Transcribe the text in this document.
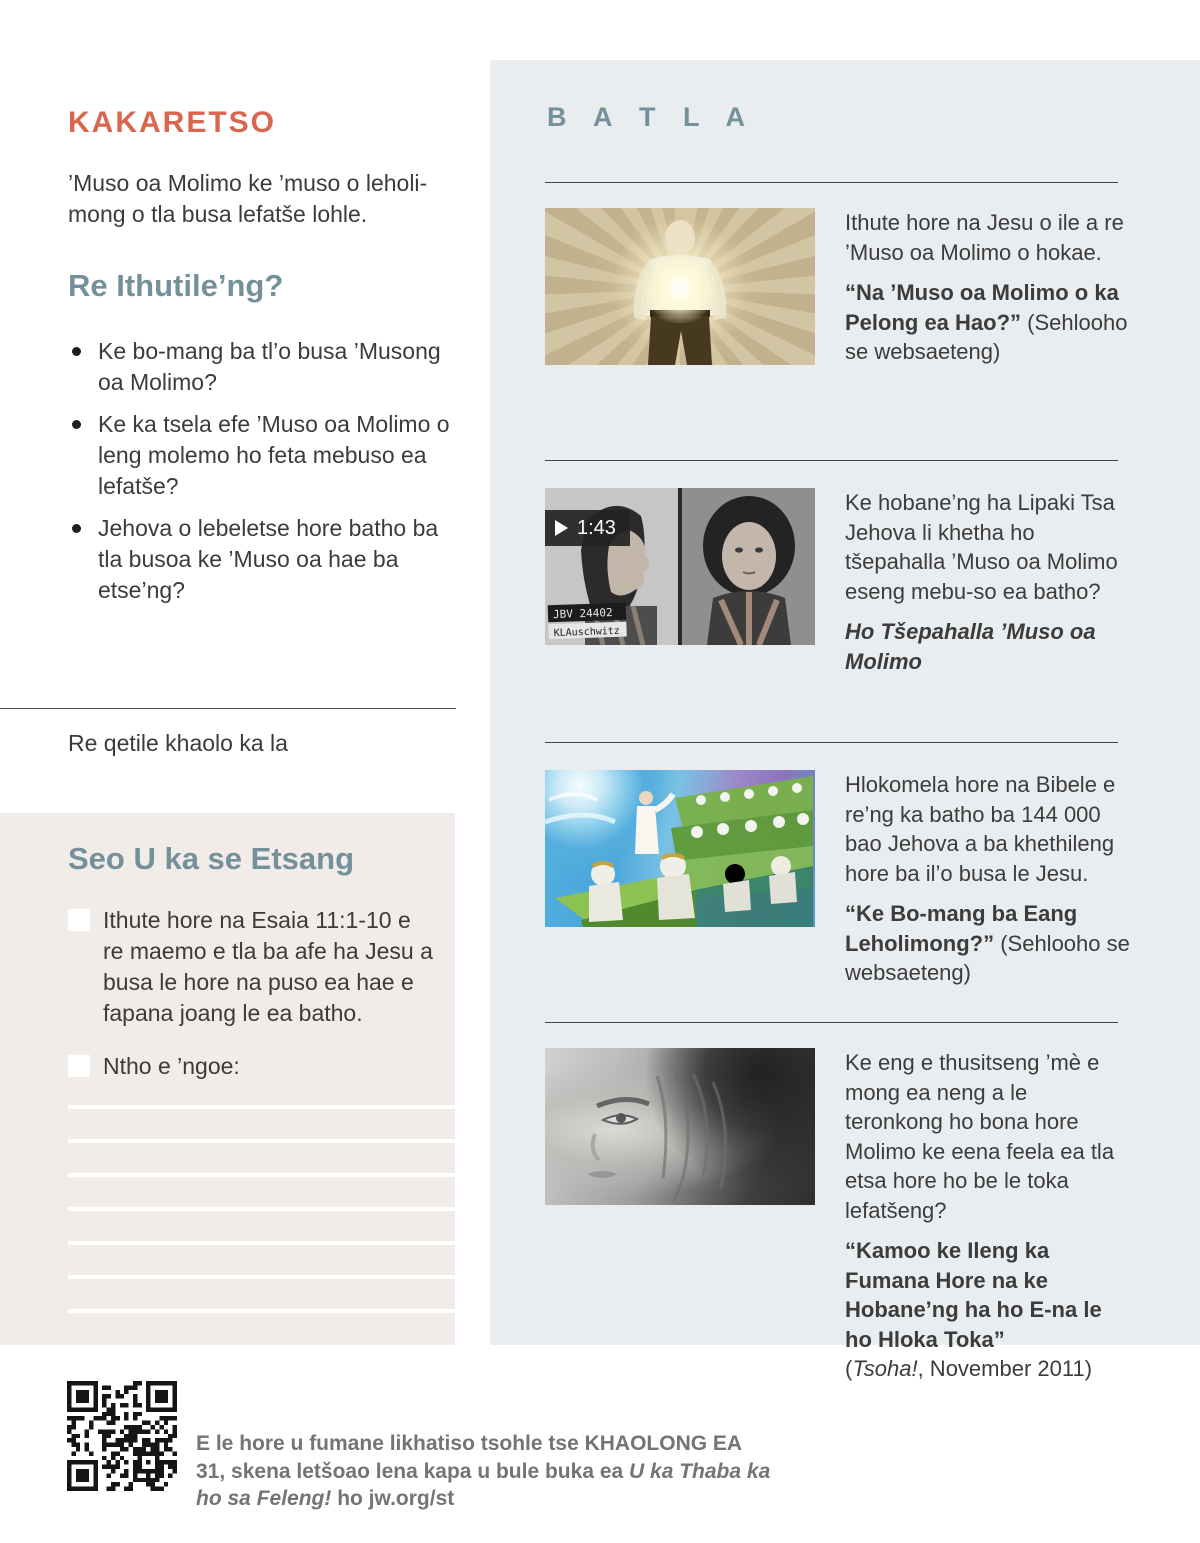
KAKARETSO
’Muso oa Molimo ke ’muso o leholi-mong o tla busa lefatše lohle.
Re Ithutile’ng?
Ke bo-mang ba tl’o busa ’Musong oa Molimo?
Ke ka tsela efe ’Muso oa Molimo o leng molemo ho feta mebuso ea lefatše?
Jehova o lebeletse hore batho ba tla busoa ke ’Muso oa hae ba etse’ng?
Re qetile khaolo ka la
Seo U ka se Etsang
Ithute hore na Esaia 11:1-10 e re maemo e tla ba afe ha Jesu a busa le hore na puso ea hae e fapana joang le ea batho.
Ntho e ’ngoe:
B A T L A

Ithute hore na Jesu o ile a re ’Muso oa Molimo o hokae.

“Na ’Muso oa Molimo o ka Pelong ea Hao?” (Sehlooho se websaeteng)

JBV 24402
KLAuschwitz
1:43

Ke hobane’ng ha Lipaki Tsa Jehova li khetha ho tšepahalla ’Muso oa Molimo eseng mebu-so ea batho?

Ho Tšepahalla ’Muso oa Molimo

Hlokomela hore na Bibele e re’ng ka batho ba 144 000 bao Jehova a ba khethileng hore ba il’o busa le Jesu.

“Ke Bo-mang ba Eang Leholimong?” (Sehlooho se websaeteng)

Ke eng e thusitseng ’mè e mong ea neng a le teronkong ho bona hore Molimo ke eena feela ea tla etsa hore ho be le toka lefatšeng?

“Kamoo ke Ileng ka Fumana Hore na ke Hobane’ng ha ho E-na le ho Hloka Toka”
(Tsoha!, November 2011)

E le hore u fumane likhatiso tsohle tse KHAOLONG EA 31, skena letšoao lena kapa u bule buka ea U ka Thaba ka ho sa Feleng! ho jw.org/st
